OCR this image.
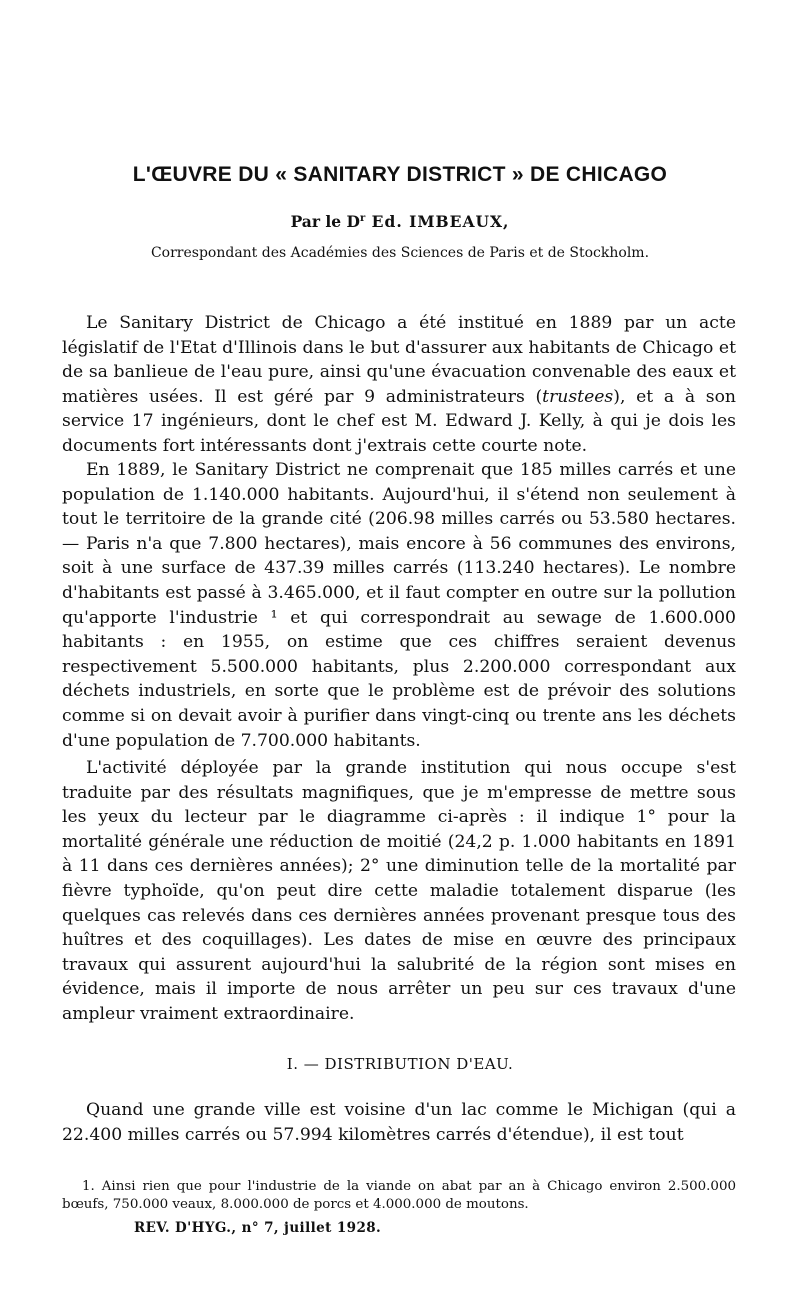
L'ŒUVRE DU « SANITARY DISTRICT » DE CHICAGO
Par le $D^r$ Ed. IMBEAUX,
Correspondant des Académies des Sciences de Paris et de Stockholm.

Le Sanitary District de Chicago a été institué en 1889 par un acte législatif de l'Etat d'Illinois dans le but d'assurer aux habitants de Chicago et de sa banlieue de l'eau pure, ainsi qu'une évacuation convenable des eaux et matières usées. Il est géré par 9 administrateurs (trustees), et a à son service 17 ingénieurs, dont le chef est M. Edward J. Kelly, à qui je dois les documents fort intéressants dont j'extrais cette courte note.

En 1889, le Sanitary District ne comprenait que 185 milles carrés et une population de 1.140.000 habitants. Aujourd'hui, il s'étend non seulement à tout le territoire de la grande cité (206.98 milles carrés ou 53.580 hectares. — Paris n'a que 7.800 hectares), mais encore à 56 communes des environs, soit à une surface de 437.39 milles carrés (113.240 hectares). Le nombre d'habitants est passé à 3.465.000, et il faut compter en outre sur la pollution qu'apporte l'industrie ¹ et qui correspondrait au sewage de 1.600.000 habitants : en 1955, on estime que ces chiffres seraient devenus respectivement 5.500.000 habitants, plus 2.200.000 correspondant aux déchets industriels, en sorte que le problème est de prévoir des solutions comme si on devait avoir à purifier dans vingt-cinq ou trente ans les déchets d'une population de 7.700.000 habitants.

L'activité déployée par la grande institution qui nous occupe s'est traduite par des résultats magnifiques, que je m'empresse de mettre sous les yeux du lecteur par le diagramme ci-après : il indique 1° pour la mortalité générale une réduction de moitié (24,2 p. 1.000 habitants en 1891 à 11 dans ces dernières années); 2° une diminution telle de la mortalité par fièvre typhoïde, qu'on peut dire cette maladie totalement disparue (les quelques cas relevés dans ces dernières années provenant presque tous des huîtres et des coquillages). Les dates de mise en œuvre des principaux travaux qui assurent aujourd'hui la salubrité de la région sont mises en évidence, mais il importe de nous arrêter un peu sur ces travaux d'une ampleur vraiment extraordinaire.

I. — DISTRIBUTION D'EAU.

Quand une grande ville est voisine d'un lac comme le Michigan (qui a 22.400 milles carrés ou 57.994 kilomètres carrés d'étendue), il est tout

1. Ainsi rien que pour l'industrie de la viande on abat par an à Chicago environ 2.500.000 bœufs, 750.000 veaux, 8.000.000 de porcs et 4.000.000 de moutons.

REV. D'HYG., n° 7, juillet 1928.
